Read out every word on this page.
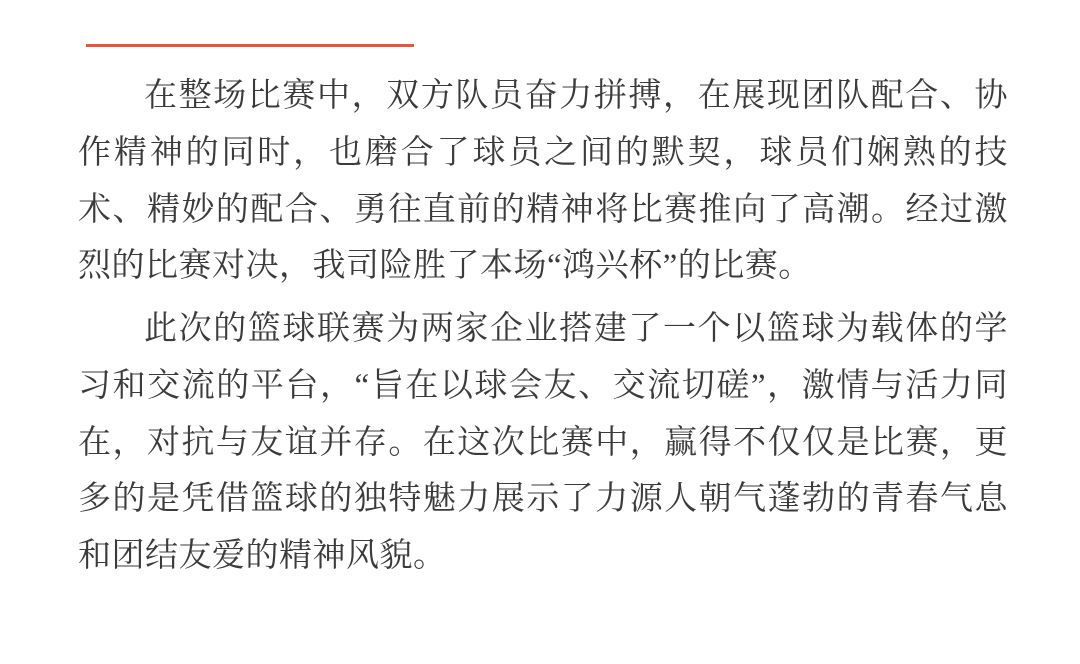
在整场比赛中，双方队员奋力拼搏，在展现团队配合、协作精神的同时，也磨合了球员之间的默契，球员们娴熟的技术、精妙的配合、勇往直前的精神将比赛推向了高潮。经过激烈的比赛对决，我司险胜了本场“鸿兴杯”的比赛。

此次的篮球联赛为两家企业搭建了一个以篮球为载体的学习和交流的平台，“旨在以球会友、交流切磋”，激情与活力同在，对抗与友谊并存。在这次比赛中，赢得不仅仅是比赛，更多的是凭借篮球的独特魅力展示了力源人朝气蓬勃的青春气息和团结友爱的精神风貌。
